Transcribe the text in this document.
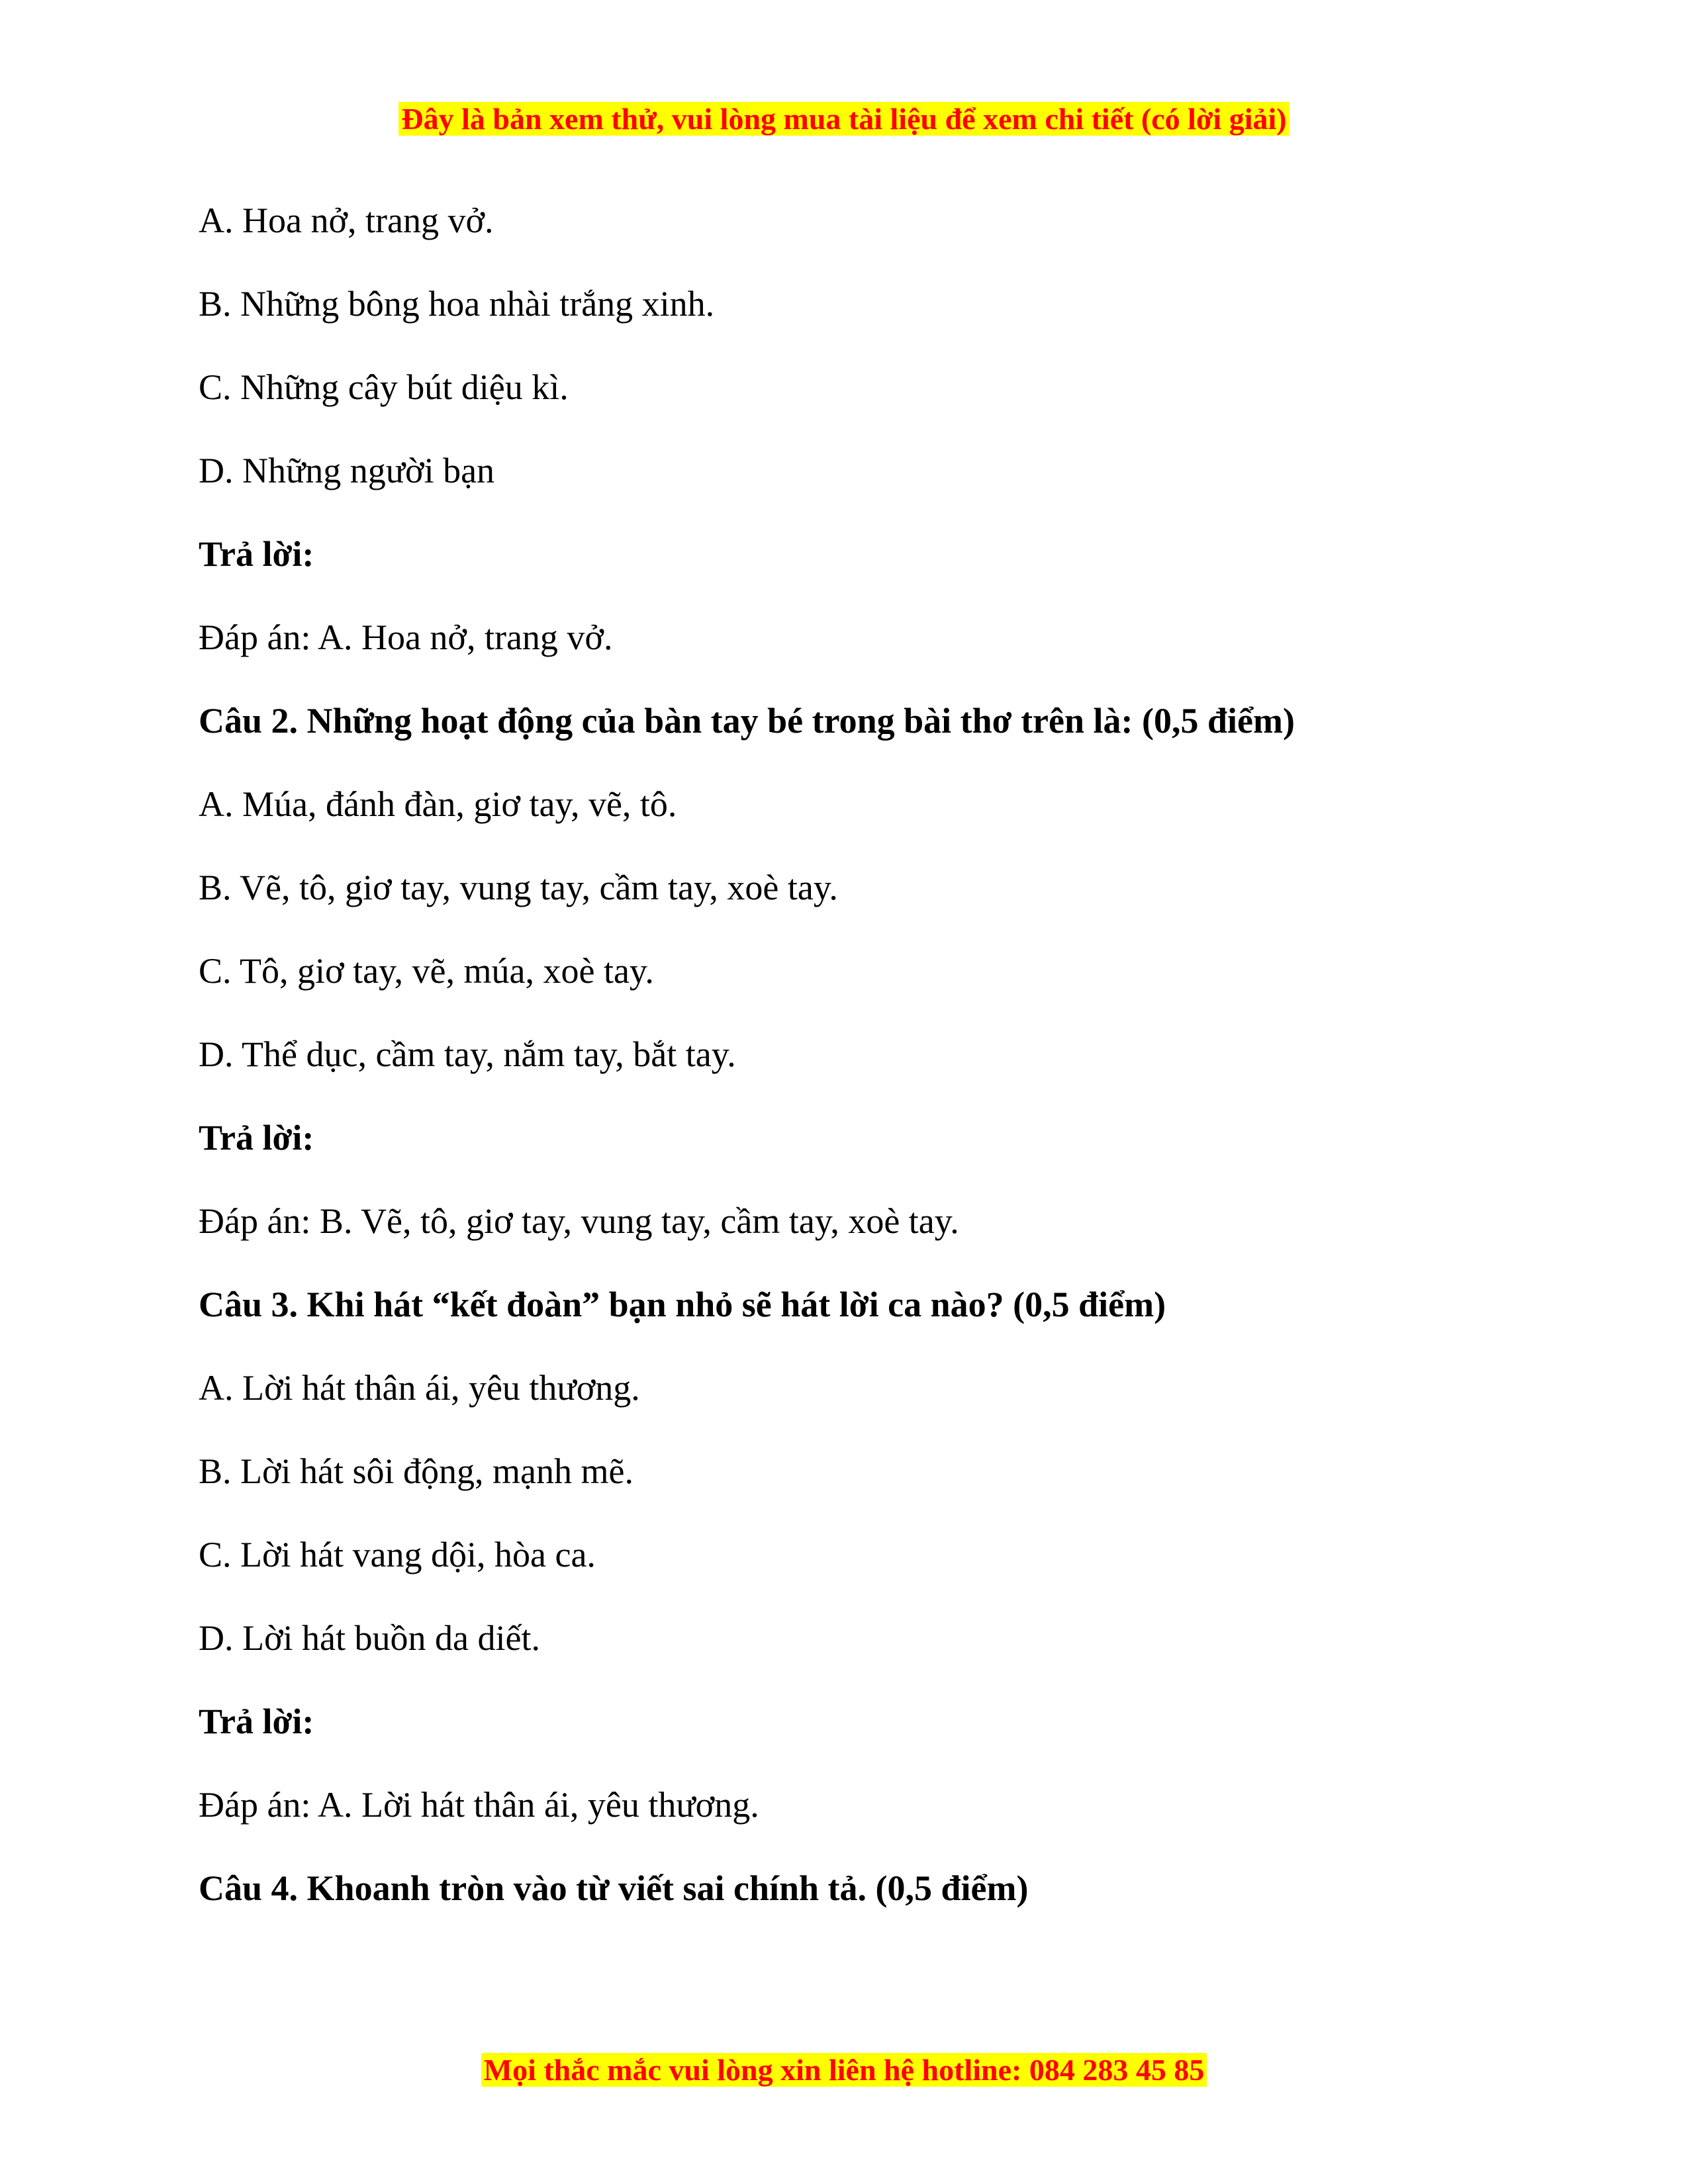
Đây là bản xem thử, vui lòng mua tài liệu để xem chi tiết (có lời giải)
A. Hoa nở, trang vở.
B. Những bông hoa nhài trắng xinh.
C. Những cây bút diệu kì.
D. Những người bạn
Trả lời:
Đáp án: A. Hoa nở, trang vở.
Câu 2. Những hoạt động của bàn tay bé trong bài thơ trên là: (0,5 điểm)
A. Múa, đánh đàn, giơ tay, vẽ, tô.
B. Vẽ, tô, giơ tay, vung tay, cầm tay, xoè tay.
C. Tô, giơ tay, vẽ, múa, xoè tay.
D. Thể dục, cầm tay, nắm tay, bắt tay.
Trả lời:
Đáp án: B. Vẽ, tô, giơ tay, vung tay, cầm tay, xoè tay.
Câu 3. Khi hát “kết đoàn” bạn nhỏ sẽ hát lời ca nào? (0,5 điểm)
A. Lời hát thân ái, yêu thương.
B. Lời hát sôi động, mạnh mẽ.
C. Lời hát vang dội, hòa ca.
D. Lời hát buồn da diết.
Trả lời:
Đáp án: A. Lời hát thân ái, yêu thương.
Câu 4. Khoanh tròn vào từ viết sai chính tả. (0,5 điểm)
Mọi thắc mắc vui lòng xin liên hệ hotline: 084 283 45 85
